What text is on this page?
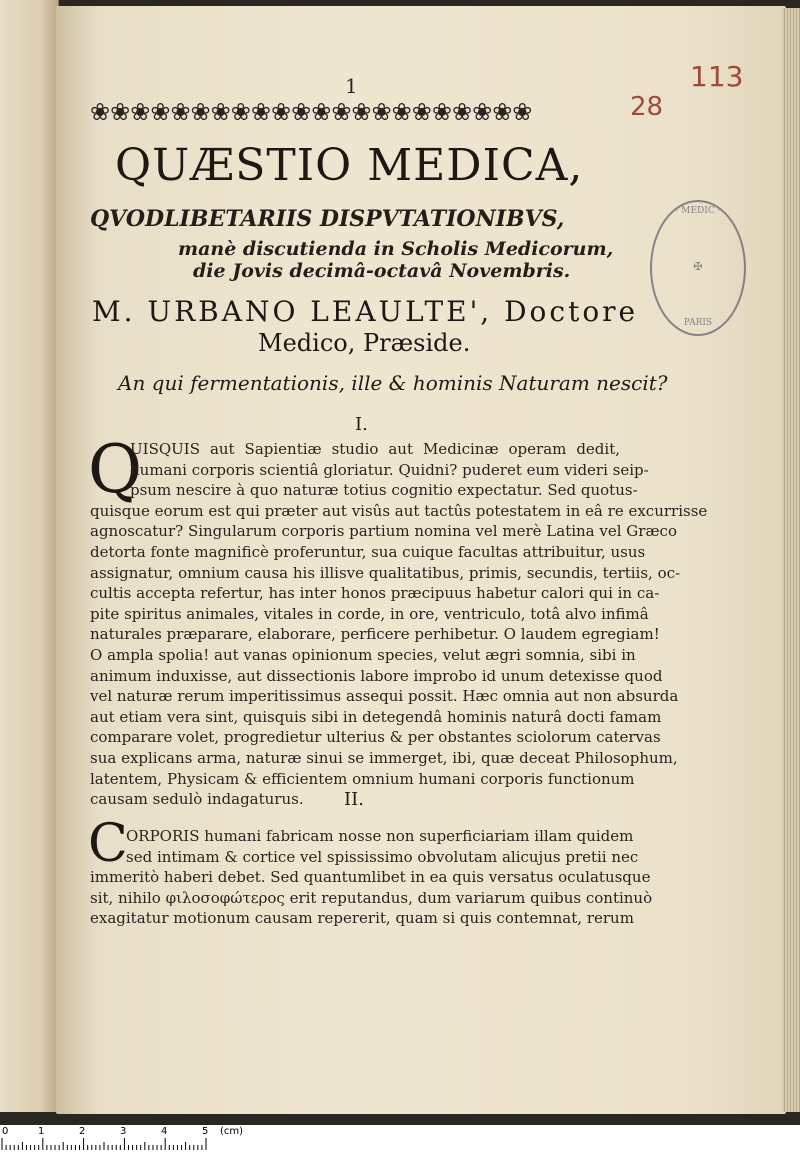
· MEDIC ·
✠
PARIS
113
28
1
❀❀❀❀❀❀❀❀❀❀❀❀❀❀❀❀❀❀❀❀❀❀
QUÆSTIO MEDICA,
QVODLIBETARIIS DISPVTATIONIBVS,
manè discutienda in Scholis Medicorum,
die Jovis decimâ-octavâ Novembris.
M. URBANO LEAULTE', Doctore
Medico, Præside.
An qui fermentationis, ille & hominis Naturam nescit?
I.
Q
UISQUIS aut Sapientiæ studio aut Medicinæ operam dedit,
humani corporis scientiâ gloriatur. Quidni? puderet eum videri seip-
psum nescire à quo naturæ totius cognitio expectatur. Sed quotus-
quisque eorum est qui præter aut visûs aut tactûs potestatem in eâ re excurrisse
agnoscatur? Singularum corporis partium nomina vel merè Latina vel Græco
detorta fonte magnificè proferuntur, sua cuique facultas attribuitur, usus
assignatur, omnium causa his illisve qualitatibus, primis, secundis, tertiis, oc-
cultis accepta refertur, has inter honos præcipuus habetur calori qui in ca-
pite spiritus animales, vitales in corde, in ore, ventriculo, totâ alvo infimâ
naturales præparare, elaborare, perficere perhibetur. O laudem egregiam!
O ampla spolia! aut vanas opinionum species, velut ægri somnia, sibi in
animum induxisse, aut dissectionis labore improbo id unum detexisse quod
vel naturæ rerum imperitissimus assequi possit. Hæc omnia aut non absurda
aut etiam vera sint, quisquis sibi in detegendâ hominis naturâ docti famam
comparare volet, progredietur ulterius & per obstantes sciolorum catervas
sua explicans arma, naturæ sinui se immerget, ibi, quæ deceat Philosophum,
latentem, Physicam & efficientem omnium humani corporis functionum
causam sedulò indagaturus.	II.
C
ORPORIS humani fabricam nosse non superficiariam illam quidem
sed intimam & cortice vel spississimo obvolutam alicujus pretii nec
immeritò haberi debet. Sed quantumlibet in ea quis versatus oculatusque
sit, nihilo φιλοσοφώτερος erit reputandus, dum variarum quibus continuò
exagitatur motionum causam repererit, quam si quis contemnat, rerum
0	1	2	3	4	5 (cm)
